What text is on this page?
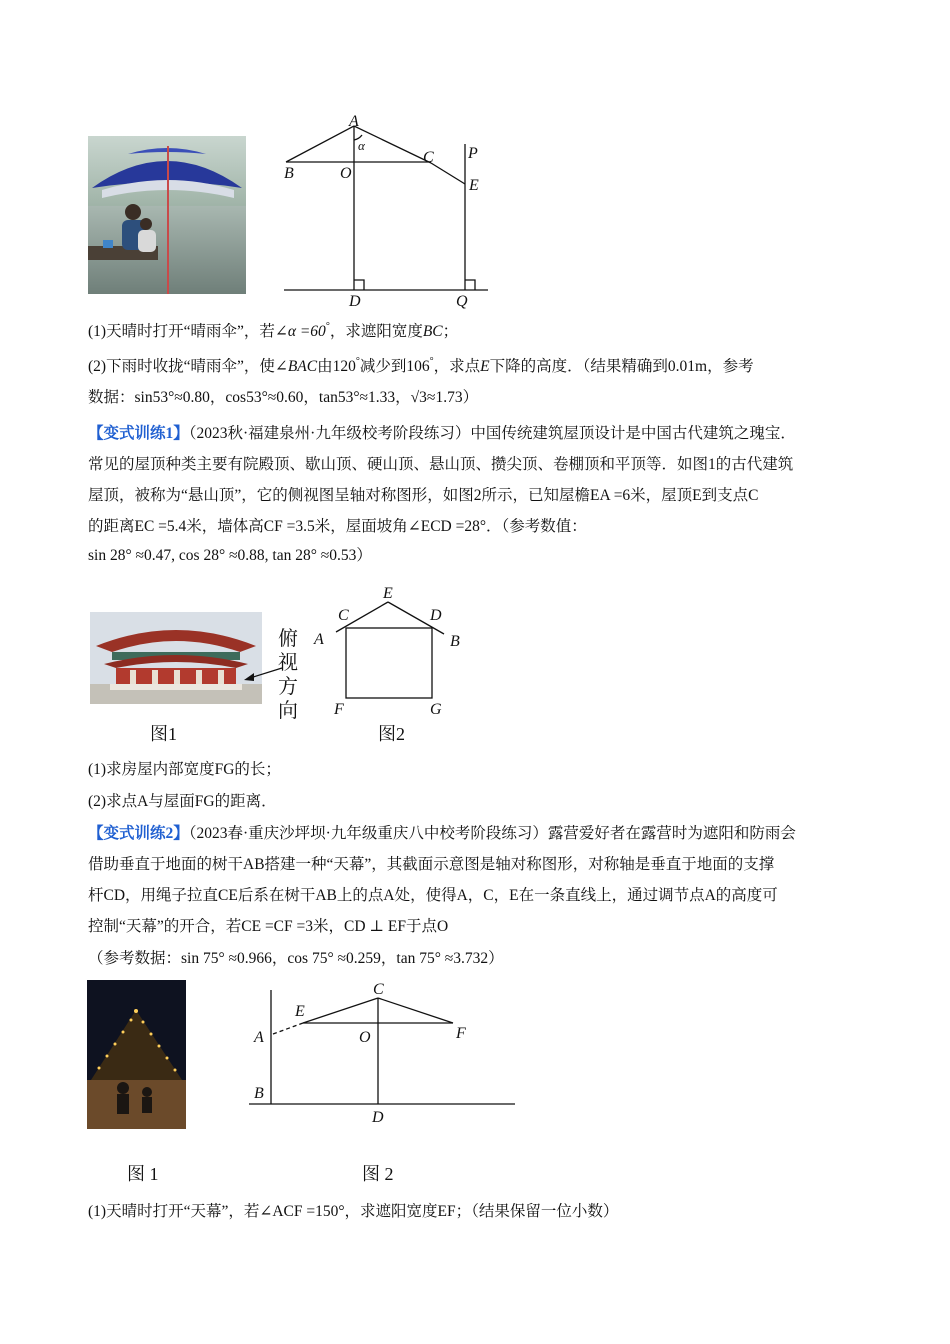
A
α
B	O
C P
E
D	Q
(1)天晴时打开“晴雨伞”，若∠α =60°，求遮阳宽度BC；
(2)下雨时收拢“晴雨伞”，使∠BAC由120°减少到106°，求点E下降的高度．（结果精确到0.01m，参考
数据：sin53°≈0.80，cos53°≈0.60，tan53°≈1.33，√3≈1.73）
【变式训练1】（2023秋·福建泉州·九年级校考阶段练习）中国传统建筑屋顶设计是中国古代建筑之瑰宝．
常见的屋顶种类主要有院殿顶、歇山顶、硬山顶、悬山顶、攒尖顶、卷棚顶和平顶等．如图1的古代建筑
屋顶，被称为“悬山顶”，它的侧视图呈轴对称图形，如图2所示，已知屋檐EA =6米，屋顶E到支点C
的距离EC =5.4米，墙体高CF =3.5米，屋面坡角∠ECD =28°．（参考数值：
sin 28° ≈0.47, cos 28° ≈0.88, tan 28° ≈0.53）
俯
视
方
向
E
C	D
A	B
F	G
图1	图2
(1)求房屋内部宽度FG的长；
(2)求点A与屋面FG的距离．
【变式训练2】（2023春·重庆沙坪坝·九年级重庆八中校考阶段练习）露营爱好者在露营时为遮阳和防雨会
借助垂直于地面的树干AB搭建一种“天幕”，其截面示意图是轴对称图形，对称轴是垂直于地面的支撑
杆CD，用绳子拉直CE后系在树干AB上的点A处，使得A，C，E在一条直线上，通过调节点A的高度可
控制“天幕”的开合，若CE =CF =3米，CD ⊥ EF于点O
（参考数据：sin 75° ≈0.966，cos 75° ≈0.259，tan 75° ≈3.732）
C
E
F
A	O
B
D
图 1	图 2
(1)天晴时打开“天幕”，若∠ACF =150°，求遮阳宽度EF；（结果保留一位小数）
